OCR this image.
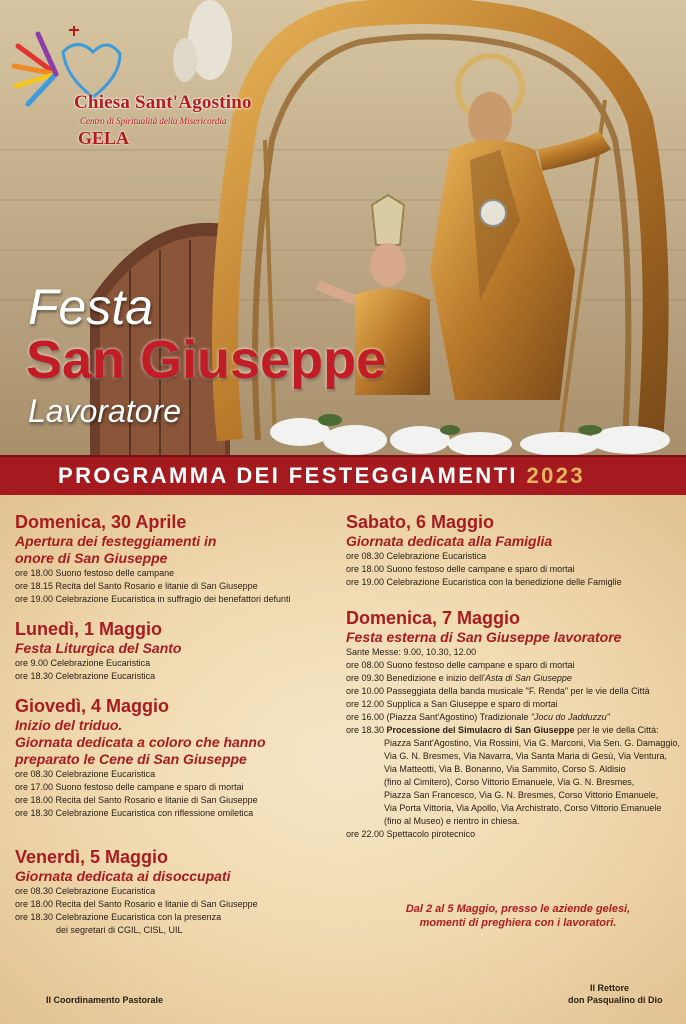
Chiesa Sant'Agostino
Centro di Spiritualità della Misericordia
GELA
Festa
San Giuseppe
Lavoratore
PROGRAMMA DEI FESTEGGIAMENTI 2023
Domenica, 30 Aprile
Apertura dei festeggiamenti in onore di San Giuseppe
ore 18.00 Suono festoso delle campane
ore 18.15 Recita del Santo Rosario e litanie di San Giuseppe
ore 19.00 Celebrazione Eucaristica in suffragio dei benefattori defunti
Lunedì, 1 Maggio
Festa Liturgica del Santo
ore 9.00 Celebrazione Eucaristica
ore 18.30 Celebrazione Eucaristica
Giovedì, 4 Maggio
Inizio del triduo.
Giornata dedicata a coloro che hanno preparato le Cene di San Giuseppe
ore 08.30 Celebrazione Eucaristica
ore 17.00 Suono festoso delle campane e sparo di mortai
ore 18.00 Recita del Santo Rosario e litanie di San Giuseppe
ore 18.30 Celebrazione Eucaristica con riflessione omiletica
Venerdì, 5 Maggio
Giornata dedicata ai disoccupati
ore 08.30 Celebrazione Eucaristica
ore 18.00 Recita del Santo Rosario e litanie di San Giuseppe
ore 18.30 Celebrazione Eucaristica con la presenza
dei segretari di CGIL, CISL, UIL
Sabato, 6 Maggio
Giornata dedicata alla Famiglia
ore 08.30 Celebrazione Eucaristica
ore 18.00 Suono festoso delle campane e sparo di mortai
ore 19.00 Celebrazione Eucaristica con la benedizione delle Famiglie
Domenica, 7 Maggio
Festa esterna di San Giuseppe lavoratore
Sante Messe: 9.00, 10.30, 12.00
ore 08.00 Suono festoso delle campane e sparo di mortai
ore 09.30 Benedizione e inizio dell'Asta di San Giuseppe
ore 10.00 Passeggiata della banda musicale "F. Renda" per le vie della Città
ore 12.00 Supplica a San Giuseppe e sparo di mortai
ore 16.00 (Piazza Sant'Agostino) Tradizionale "Jocu do Jadduzzu"
ore 18.30 Processione del Simulacro di San Giuseppe per le vie della Città:
Piazza Sant'Agostino, Via Rossini, Via G. Marconi, Via Sen. G. Damaggio,
Via G. N. Bresmes, Via Navarra, Via Santa Maria di Gesù, Via Ventura,
Via Matteotti, Via B. Bonanno, Via Sammito, Corso S. Aldisio
(fino al Cimitero), Corso Vittorio Emanuele, Via G. N. Bresmes,
Piazza San Francesco, Via G. N. Bresmes, Corso Vittorio Emanuele,
Via Porta Vittoria, Via Apollo, Via Archistrato, Corso Vittorio Emanuele
(fino al Museo) e rientro in chiesa.
ore 22.00 Spettacolo pirotecnico
Dal 2 al 5 Maggio, presso le aziende gelesi,
momenti di preghiera con i lavoratori.
Il Coordinamento Pastorale
Il Rettore
don Pasqualino di Dio
